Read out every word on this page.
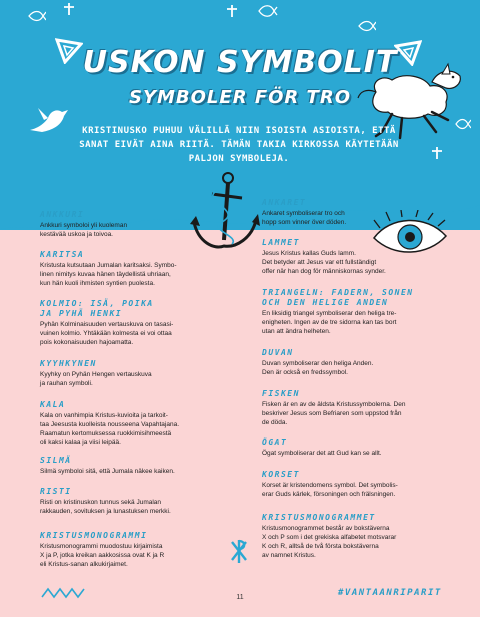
USKON SYMBOLIT
SYMBOLER FÖR TRO
KRISTINUSKO PUHUU VÄLILLÄ NIIN ISOISTA ASIOISTA, ETTÄ SANAT EIVÄT AINA RIITÄ. TÄMÄN TAKIA KIRKOSSA KÄYTETÄÄN PALJON SYMBOLEJA.

ANKKURI

Ankkuri symboloi yli kuoleman
kestävää uskoa ja toivoa.

KARITSA

Kristusta kutsutaan Jumalan karitsaksi. Symbo-
linen nimitys kuvaa hänen täydellistä uhriaan,
kun hän kuoli ihmisten syntien puolesta.

KOLMIO: ISÄ, POIKA
JA PYHÄ HENKI

Pyhän Kolminaisuuden vertauskuva on tasasi-
vuinen kolmio. Yhtäkään kolmesta ei voi ottaa
pois kokonaisuuden hajoamatta.

KYYHKYNEN

Kyyhky on Pyhän Hengen vertauskuva
ja rauhan symboli.

KALA

Kala on vanhimpia Kristus-kuvioita ja tarkoit-
taa Jeesusta kuolleista nousseena Vapahtajana.
Raamatun kertomuksessa ruokkimisihmeestä
oli kaksi kalaa ja viisi leipää.

SILMÄ

Silmä symboloi sitä, että Jumala näkee kaiken.

RISTI

Risti on kristinuskon tunnus sekä Jumalan
rakkauden, sovituksen ja lunastuksen merkki.

KRISTUSMONOGRAMMI

Kristusmonogrammi muodostuu kirjaimista
X ja P, jotka kreikan aakkosissa ovat K ja R
eli Kristus-sanan alkukirjaimet.

ANKARET

Ankaret symboliserar tro och
hopp som vinner över döden.

LAMMET

Jesus Kristus kallas Guds lamm.
Det betyder att Jesus var ett fullständigt
offer när han dog för människornas synder.

TRIANGELN: FADERN, SONEN
OCH DEN HELIGE ANDEN

En liksidig triangel symboliserar den heliga tre-
enigheten. Ingen av de tre sidorna kan tas bort
utan att ändra helheten.

DUVAN

Duvan symboliserar den heliga Anden.
Den är också en fredssymbol.

FISKEN

Fisken är en av de äldsta Kristussymbolerna. Den
beskriver Jesus som Befriaren som uppstod från
de döda.

ÖGAT

Ögat symboliserar det att Gud kan se allt.

KORSET

Korset är kristendomens symbol. Det symbolis-
erar Guds kärlek, försoningen och frälsningen.

KRISTUSMONOGRAMMET

Kristusmonogrammet består av bokstäverna
X och P som i det grekiska alfabetet motsvarar
K och R, alltså de två första bokstäverna
av namnet Kristus.

11	#VANTAANRIPARIT
